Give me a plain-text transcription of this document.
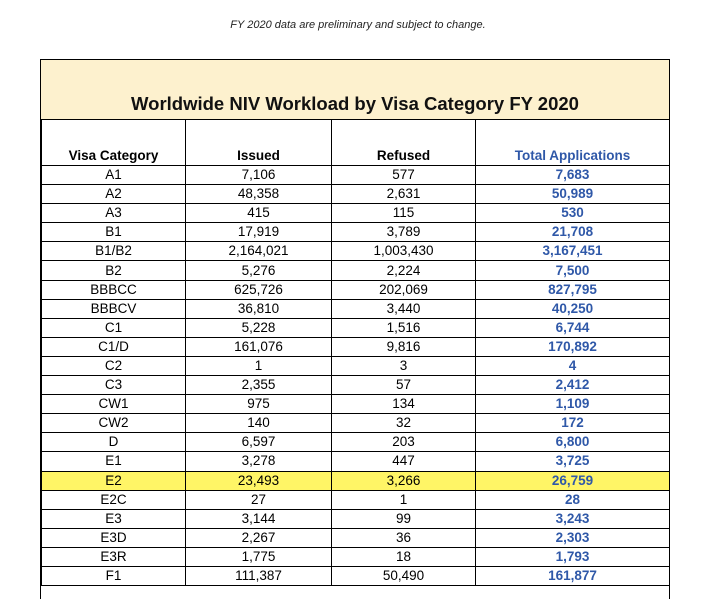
FY 2020 data are preliminary and subject to change.
Worldwide NIV Workload by Visa Category FY 2020

Visa Category	Issued	Refused	Total Applications
A1	7,106	577	7,683
A2	48,358	2,631	50,989
A3	415	115	530
B1	17,919	3,789	21,708
B1/B2	2,164,021	1,003,430	3,167,451
B2	5,276	2,224	7,500
BBBCC	625,726	202,069	827,795
BBBCV	36,810	3,440	40,250
C1	5,228	1,516	6,744
C1/D	161,076	9,816	170,892
C2	1	3	4
C3	2,355	57	2,412
CW1	975	134	1,109
CW2	140	32	172
D	6,597	203	6,800
E1	3,278	447	3,725
E2	23,493	3,266	26,759
E2C	27	1	28
E3	3,144	99	3,243
E3D	2,267	36	2,303
E3R	1,775	18	1,793
F1	111,387	50,490	161,877
